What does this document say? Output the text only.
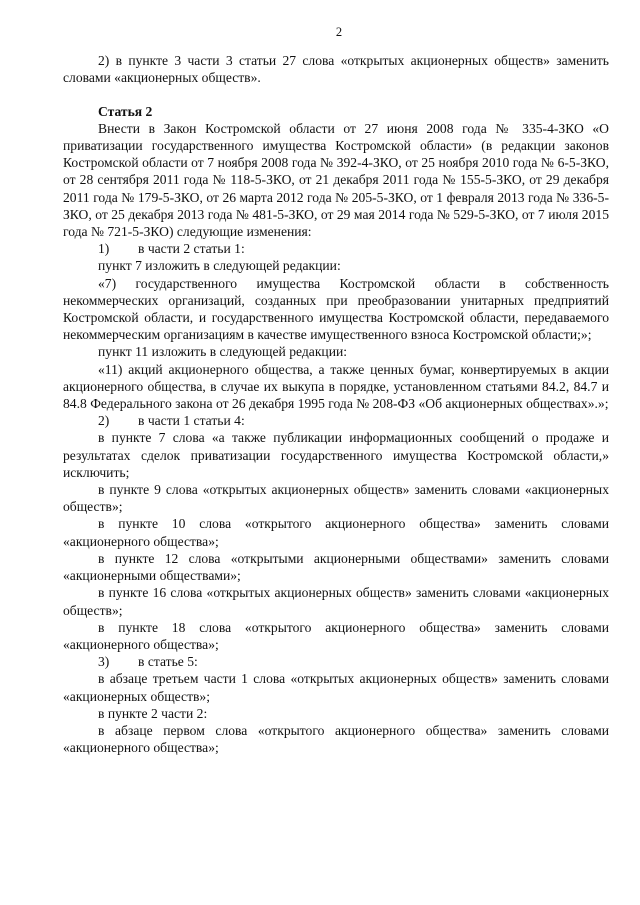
2

2) в пункте 3 части 3 статьи 27 слова «открытых акционерных обществ» заменить словами «акционерных обществ».

Статья 2

Внести в Закон Костромской области от 27 июня 2008 года № 335-4-ЗКО «О приватизации государственного имущества Костромской области» (в редакции законов Костромской области от 7 ноября 2008 года № 392-4-ЗКО, от 25 ноября 2010 года № 6-5-ЗКО, от 28 сентября 2011 года № 118-5-ЗКО, от 21 декабря 2011 года № 155-5-ЗКО, от 29 декабря 2011 года № 179-5-ЗКО, от 26 марта 2012 года № 205-5-ЗКО, от 1 февраля 2013 года № 336-5-ЗКО, от 25 декабря 2013 года № 481-5-ЗКО, от 29 мая 2014 года № 529-5-ЗКО, от 7 июля 2015 года № 721-5-ЗКО) следующие изменения:

1) в части 2 статьи 1:

пункт 7 изложить в следующей редакции:

«7) государственного имущества Костромской области в собственность некоммерческих организаций, созданных при преобразовании унитарных предприятий Костромской области, и государственного имущества Костромской области, передаваемого некоммерческим организациям в качестве имущественного взноса Костромской области;»;

пункт 11 изложить в следующей редакции:

«11) акций акционерного общества, а также ценных бумаг, конвертируемых в акции акционерного общества, в случае их выкупа в порядке, установленном статьями 84.2, 84.7 и 84.8 Федерального закона от 26 декабря 1995 года № 208-ФЗ «Об акционерных обществах».»;

2) в части 1 статьи 4:

в пункте 7 слова «а также публикации информационных сообщений о продаже и результатах сделок приватизации государственного имущества Костромской области,» исключить;

в пункте 9 слова «открытых акционерных обществ» заменить словами «акционерных обществ»;

в пункте 10 слова «открытого акционерного общества» заменить словами «акционерного общества»;

в пункте 12 слова «открытыми акционерными обществами» заменить словами «акционерными обществами»;

в пункте 16 слова «открытых акционерных обществ» заменить словами «акционерных обществ»;

в пункте 18 слова «открытого акционерного общества» заменить словами «акционерного общества»;

3) в статье 5:

в абзаце третьем части 1 слова «открытых акционерных обществ» заменить словами «акционерных обществ»;

в пункте 2 части 2:

в абзаце первом слова «открытого акционерного общества» заменить словами «акционерного общества»;
